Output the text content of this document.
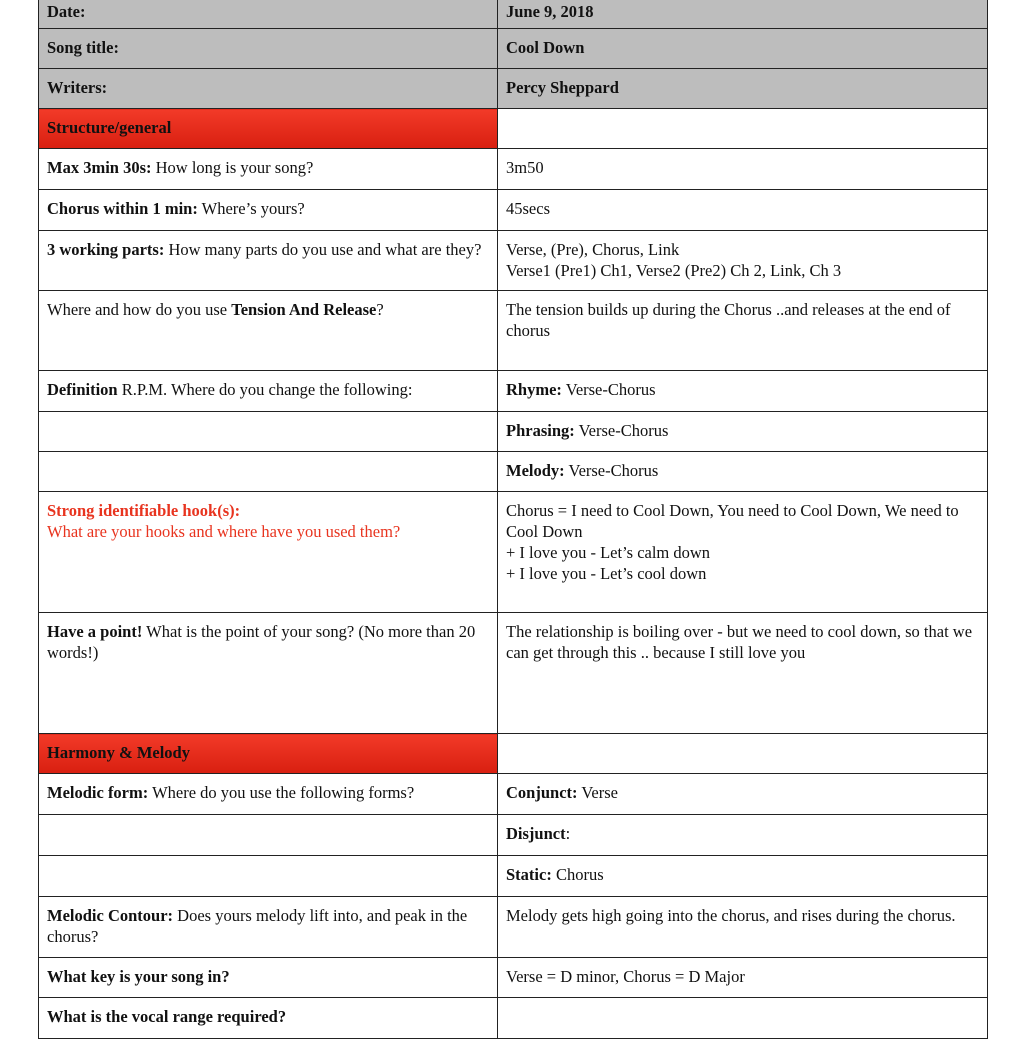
Date:	June 9, 2018
Song title:	Cool Down
Writers:	Percy Sheppard
Structure/general	
Max 3min 30s: How long is your song?	3m50
Chorus within 1 min: Where’s yours?	45secs
3 working parts: How many parts do you use and what are they?	Verse, (Pre), Chorus, Link
Verse1 (Pre1) Ch1, Verse2 (Pre2) Ch 2, Link, Ch 3

Where and how do you use Tension And Release?	The tension builds up during the Chorus ..and releases at the end of chorus
Definition R.P.M. Where do you change the following:	Rhyme: Verse-Chorus
	Phrasing: Verse-Chorus
	Melody: Verse-Chorus

Strong identifiable hook(s):
What are your hooks and where have you used them?	Chorus = I need to Cool Down, You need to Cool Down, We need to Cool Down
+ I love you - Let’s calm down
+ I love you - Let’s cool down

Have a point! What is the point of your song? (No more than 20 words!)	The relationship is boiling over - but we need to cool down, so that we can get through this .. because I still love you
Harmony & Melody	
Melodic form: Where do you use the following forms?	Conjunct: Verse
	Disjunct:
	Static: Chorus
Melodic Contour: Does yours melody lift into, and peak in the chorus?	Melody gets high going into the chorus, and rises during the chorus.
What key is your song in?	Verse = D minor, Chorus = D Major
What is the vocal range required?	
